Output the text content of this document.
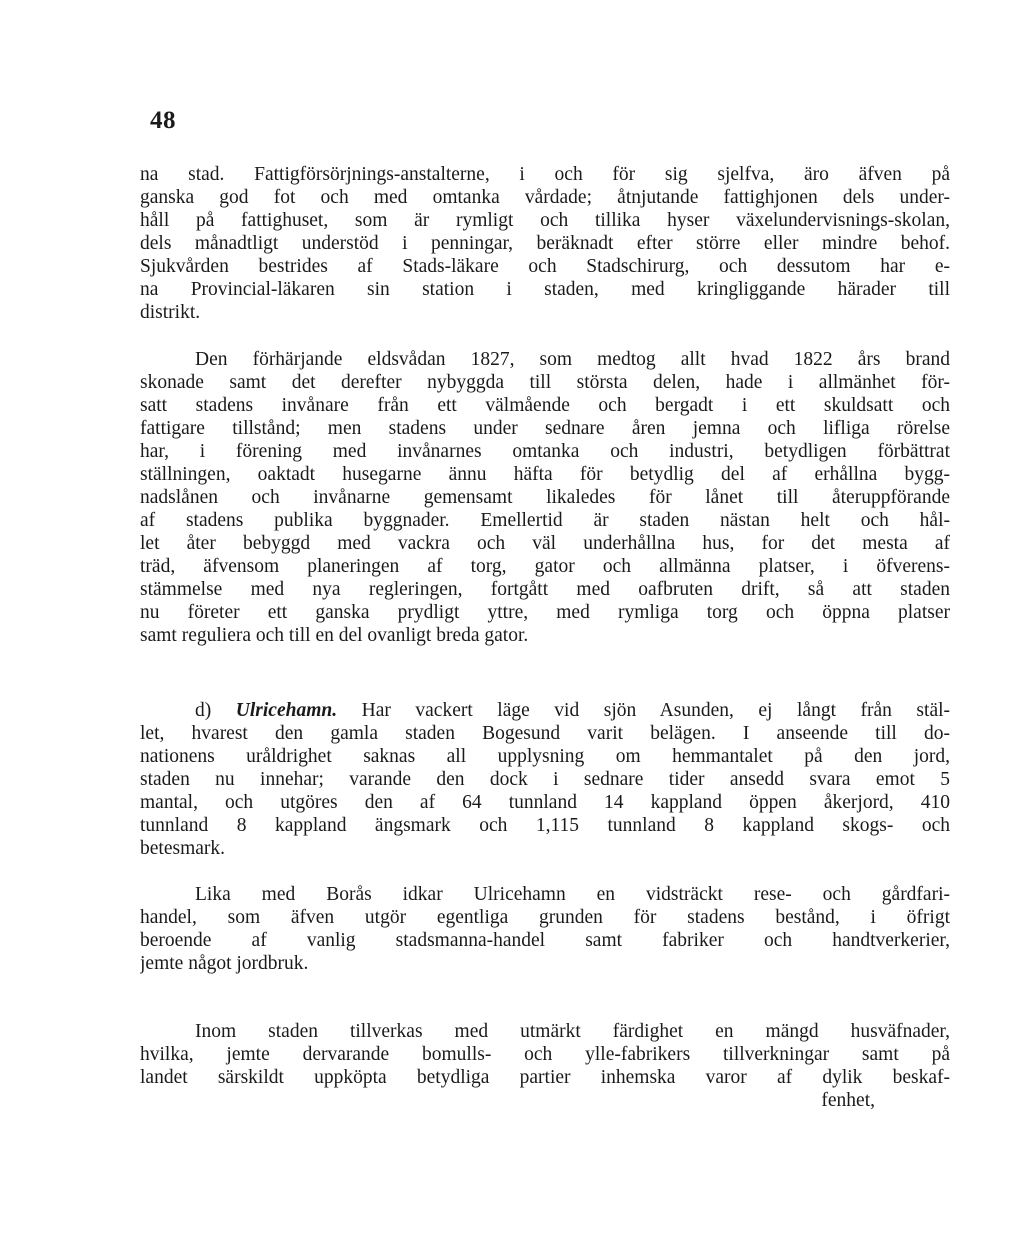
48
na stad. Fattigförsörjnings-anstalterne, i och för sig sjelfva, äro äfven på
ganska god fot och med omtanka vårdade; åtnjutande fattighjonen dels under-
håll på fattighuset, som är rymligt och tillika hyser växelundervisnings-skolan,
dels månadtligt understöd i penningar, beräknadt efter större eller mindre behof.
Sjukvården bestrides af Stads-läkare och Stadschirurg, och dessutom har e-
na Provincial-läkaren sin station i staden, med kringliggande härader till
distrikt.
Den förhärjande eldsvådan 1827, som medtog allt hvad 1822 års brand
skonade samt det derefter nybyggda till största delen, hade i allmänhet för-
satt stadens invånare från ett välmående och bergadt i ett skuldsatt och
fattigare tillstånd; men stadens under sednare åren jemna och lifliga rörelse
har, i förening med invånarnes omtanka och industri, betydligen förbättrat
ställningen, oaktadt husegarne ännu häfta för betydlig del af erhållna bygg-
nadslånen och invånarne gemensamt likaledes för lånet till återuppförande
af stadens publika byggnader. Emellertid är staden nästan helt och hål-
let åter bebyggd med vackra och väl underhållna hus, for det mesta af
träd, äfvensom planeringen af torg, gator och allmänna platser, i öfverens-
stämmelse med nya regleringen, fortgått med oafbruten drift, så att staden
nu företer ett ganska prydligt yttre, med rymliga torg och öppna platser
samt reguliera och till en del ovanligt breda gator.
d) Ulricehamn. Har vackert läge vid sjön Asunden, ej långt från stäl-
let, hvarest den gamla staden Bogesund varit belägen. I anseende till do-
nationens uråldrighet saknas all upplysning om hemmantalet på den jord,
staden nu innehar; varande den dock i sednare tider ansedd svara emot 5
mantal, och utgöres den af 64 tunnland 14 kappland öppen åkerjord, 410
tunnland 8 kappland ängsmark och 1,115 tunnland 8 kappland skogs- och
betesmark.
Lika med Borås idkar Ulricehamn en vidsträckt rese- och gårdfari-
handel, som äfven utgör egentliga grunden för stadens bestånd, i öfrigt
beroende af vanlig stadsmanna-handel samt fabriker och handtverkerier,
jemte något jordbruk.
Inom staden tillverkas med utmärkt färdighet en mängd husväfnader,
hvilka, jemte dervarande bomulls- och ylle-fabrikers tillverkningar samt på
landet särskildt uppköpta betydliga partier inhemska varor af dylik beskaf-
fenhet,
